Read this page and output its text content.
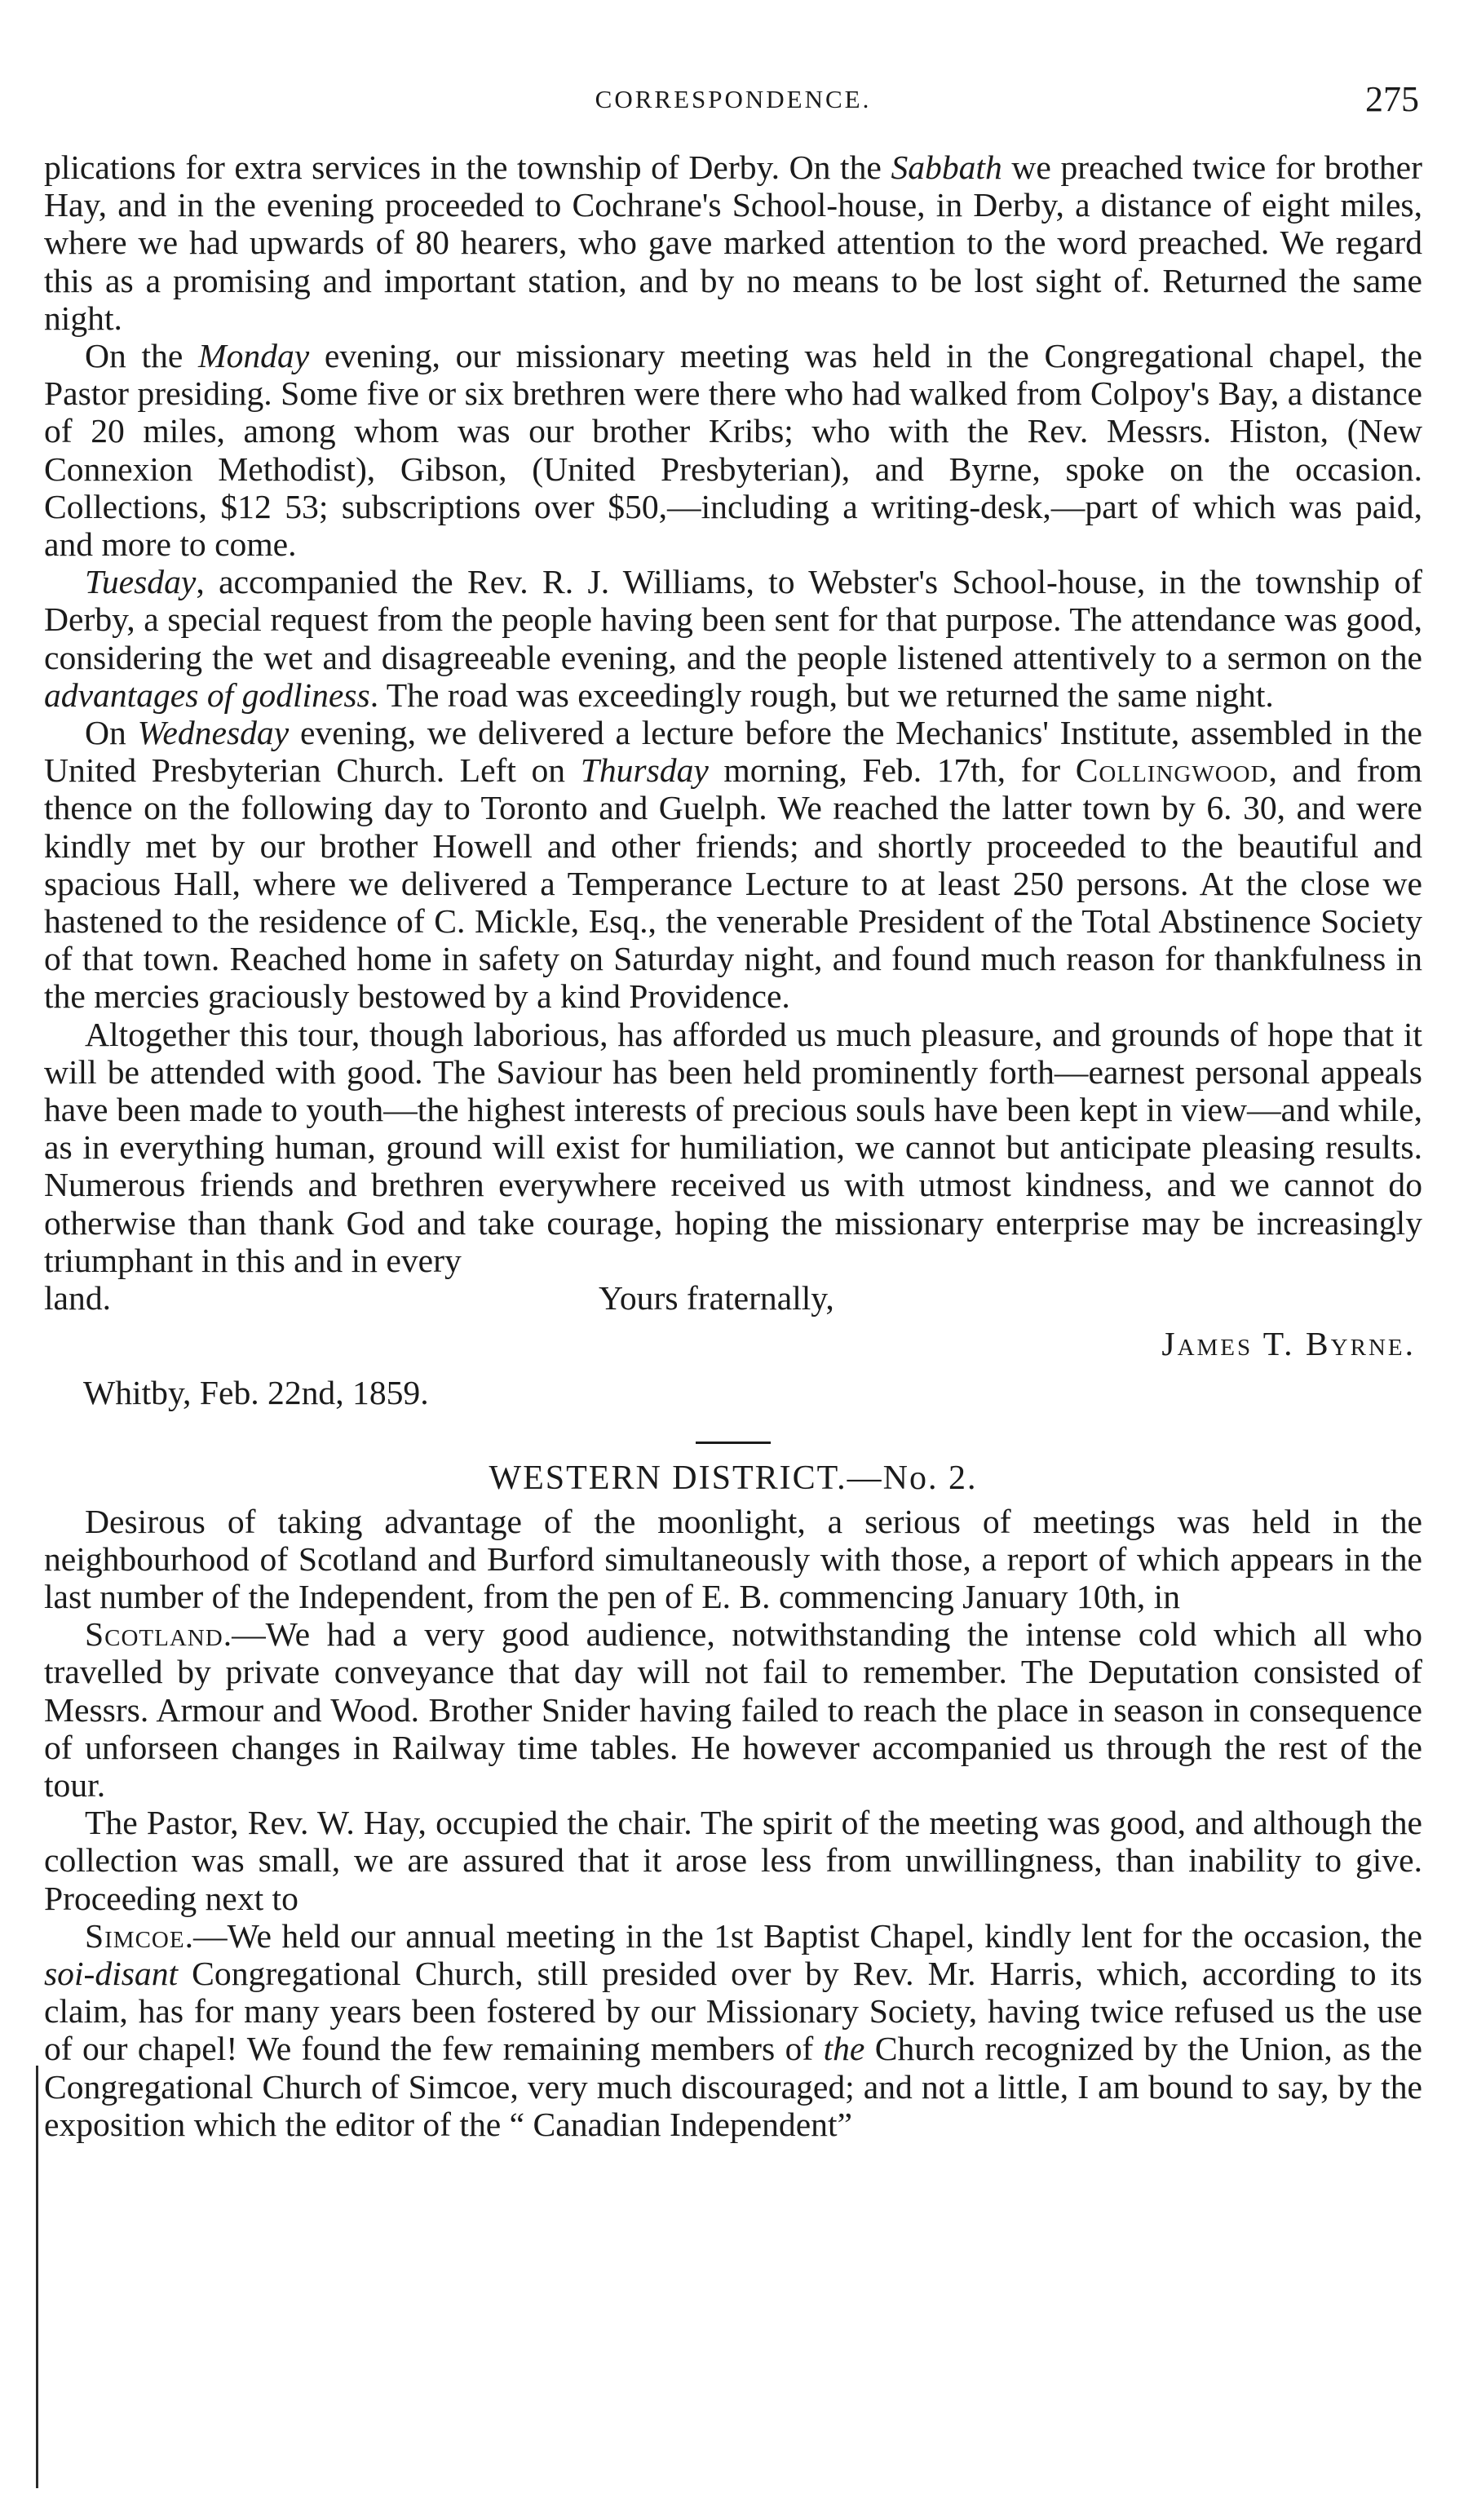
CORRESPONDENCE.	275

plications for extra services in the township of Derby. On the Sabbath we preached twice for brother Hay, and in the evening proceeded to Cochrane's School-house, in Derby, a distance of eight miles, where we had upwards of 80 hearers, who gave marked attention to the word preached. We regard this as a promising and important station, and by no means to be lost sight of. Returned the same night.

On the Monday evening, our missionary meeting was held in the Congregational chapel, the Pastor presiding. Some five or six brethren were there who had walked from Colpoy's Bay, a distance of 20 miles, among whom was our brother Kribs; who with the Rev. Messrs. Histon, (New Connexion Methodist), Gibson, (United Presbyterian), and Byrne, spoke on the occasion. Collections, $12 53; subscriptions over $50,—including a writing-desk,—part of which was paid, and more to come.

Tuesday, accompanied the Rev. R. J. Williams, to Webster's School-house, in the township of Derby, a special request from the people having been sent for that purpose. The attendance was good, considering the wet and disagreeable evening, and the people listened attentively to a sermon on the advantages of godliness. The road was exceedingly rough, but we returned the same night.

On Wednesday evening, we delivered a lecture before the Mechanics' Institute, assembled in the United Presbyterian Church. Left on Thursday morning, Feb. 17th, for Collingwood, and from thence on the following day to Toronto and Guelph. We reached the latter town by 6. 30, and were kindly met by our brother Howell and other friends; and shortly proceeded to the beautiful and spacious Hall, where we delivered a Temperance Lecture to at least 250 persons. At the close we hastened to the residence of C. Mickle, Esq., the venerable President of the Total Abstinence Society of that town. Reached home in safety on Saturday night, and found much reason for thankfulness in the mercies graciously bestowed by a kind Providence.

Altogether this tour, though laborious, has afforded us much pleasure, and grounds of hope that it will be attended with good. The Saviour has been held prominently forth—earnest personal appeals have been made to youth—the highest interests of precious souls have been kept in view—and while, as in everything human, ground will exist for humiliation, we cannot but anticipate pleasing results. Numerous friends and brethren everywhere received us with utmost kindness, and we cannot do otherwise than thank God and take courage, hoping the missionary enterprise may be increasingly triumphant in this and in every

land.	Yours fraternally,
James T. Byrne.
Whitby, Feb. 22nd, 1859.
WESTERN DISTRICT.—No. 2.

Desirous of taking advantage of the moonlight, a serious of meetings was held in the neighbourhood of Scotland and Burford simultaneously with those, a report of which appears in the last number of the Independent, from the pen of E. B. commencing January 10th, in

Scotland.—We had a very good audience, notwithstanding the intense cold which all who travelled by private conveyance that day will not fail to remember. The Deputation consisted of Messrs. Armour and Wood. Brother Snider having failed to reach the place in season in consequence of unforseen changes in Railway time tables. He however accompanied us through the rest of the tour.

The Pastor, Rev. W. Hay, occupied the chair. The spirit of the meeting was good, and although the collection was small, we are assured that it arose less from unwillingness, than inability to give. Proceeding next to

Simcoe.—We held our annual meeting in the 1st Baptist Chapel, kindly lent for the occasion, the soi-disant Congregational Church, still presided over by Rev. Mr. Harris, which, according to its claim, has for many years been fostered by our Missionary Society, having twice refused us the use of our chapel! We found the few remaining members of the Church recognized by the Union, as the Congregational Church of Simcoe, very much discouraged; and not a little, I am bound to say, by the exposition which the editor of the “ Canadian Independent”
